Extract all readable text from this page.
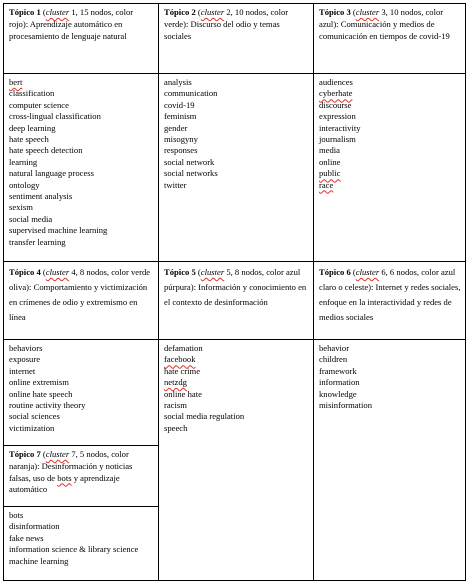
Tópico 1 (cluster 1, 15 nodos, color rojo): Aprendizaje automático en procesamiento de lenguaje natural
Tópico 2 (cluster 2, 10 nodos, color verde): Discurso del odio y temas sociales
Tópico 3 (cluster 3, 10 nodos, color azul): Comunicación y medios de comunicación en tiempos de covid-19
bert
classification
computer science
cross-lingual classification
deep learning
hate speech
hate speech detection
learning
natural language process
ontology
sentiment analysis
sexism
social media
supervised machine learning
transfer learning
analysis
communication
covid-19
feminism
gender
misogyny
responses
social network
social networks
twitter
audiences
cyberhate
discourse
expression
interactivity
journalism
media
online
public
race
Tópico 4 (cluster 4, 8 nodos, color verde oliva): Comportamiento y victimización en crímenes de odio y extremismo en línea
Tópico 5 (cluster 5, 8 nodos, color azul púrpura): Información y conocimiento en el contexto de desinformación
Tópico 6 (cluster 6, 6 nodos, color azul claro o celeste): Internet y redes sociales, enfoque en la interactividad y redes de medios sociales
behaviors
exposure
internet
online extremism
online hate speech
routine activity theory
social sciences
victimization
defamation
facebook
hate crime
netzdg
online hate
racism
social media regulation
speech
behavior
children
framework
information
knowledge
misinformation
Tópico 7 (cluster 7, 5 nodos, color naranja): Desinformación y noticias falsas, uso de bots y aprendizaje automático
bots
disinformation
fake news
information science & library science
machine learning
